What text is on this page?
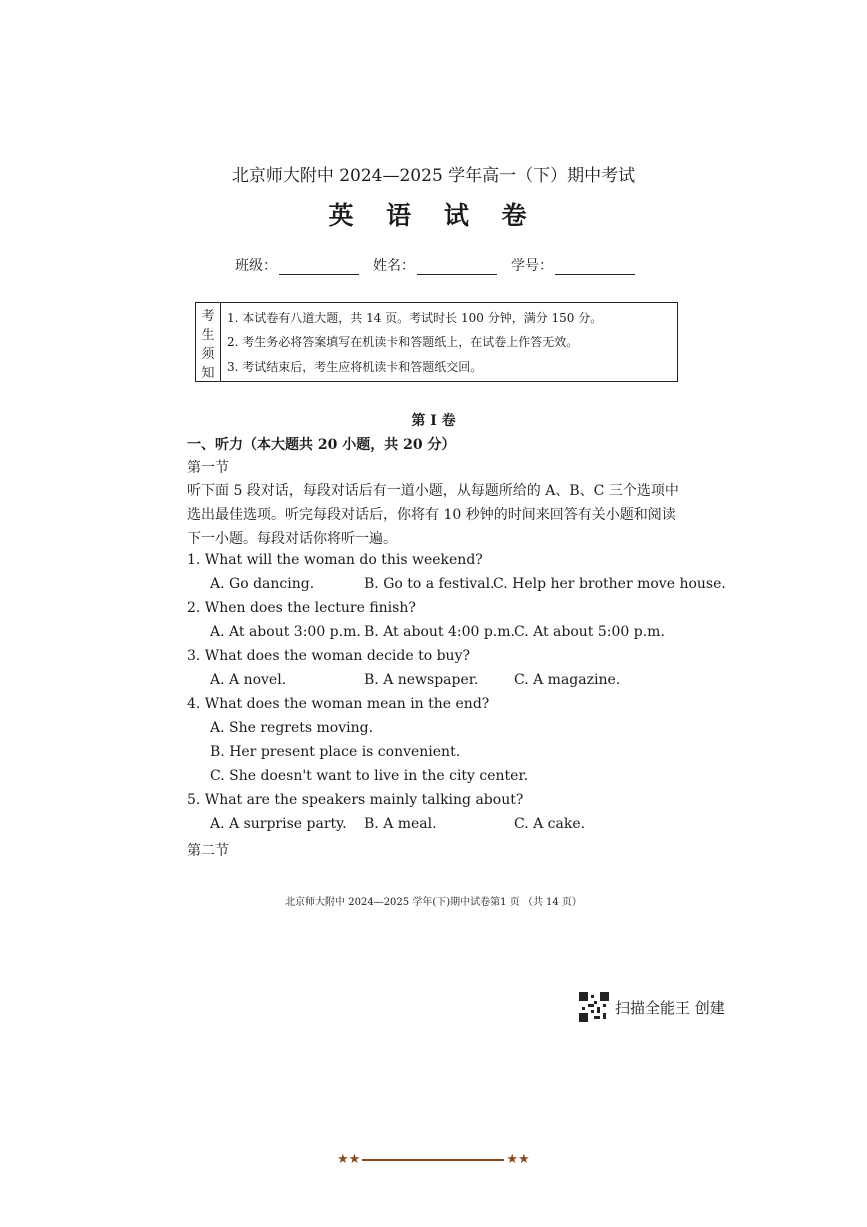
北京师大附中 2024—2025 学年高一（下）期中考试
英 语 试 卷
班级：	姓名：	学号：
考
生
须
知
1. 本试卷有八道大题，共 14 页。考试时长 100 分钟，满分 150 分。
2. 考生务必将答案填写在机读卡和答题纸上，在试卷上作答无效。
3. 考试结束后，考生应将机读卡和答题纸交回。
第 I 卷
一、听力（本大题共 20 小题，共 20 分）
第一节
听下面 5 段对话，每段对话后有一道小题，从每题所给的 A、B、C 三个选项中选出最佳选项。听完每段对话后，你将有 10 秒钟的时间来回答有关小题和阅读下一小题。每段对话你将听一遍。
1. What will the woman do this weekend?
A. Go dancing.	B. Go to a festival.
C. Help her brother move house.
2. When does the lecture finish?
A. At about 3:00 p.m. B. At about 4:00 p.m. C. At about 5:00 p.m.
3. What does the woman decide to buy?
A. A novel.	B. A newspaper.	C. A magazine.
4. What does the woman mean in the end?
A. She regrets moving.
B. Her present place is convenient.
C. She doesn't want to live in the city center.
5. What are the speakers mainly talking about?
A. A surprise party. B. A meal.	C. A cake.
第二节
北京师大附中 2024—2025 学年(下)期中试卷第1 页 （共 14 页）
扫描全能王 创建
★★	★★
